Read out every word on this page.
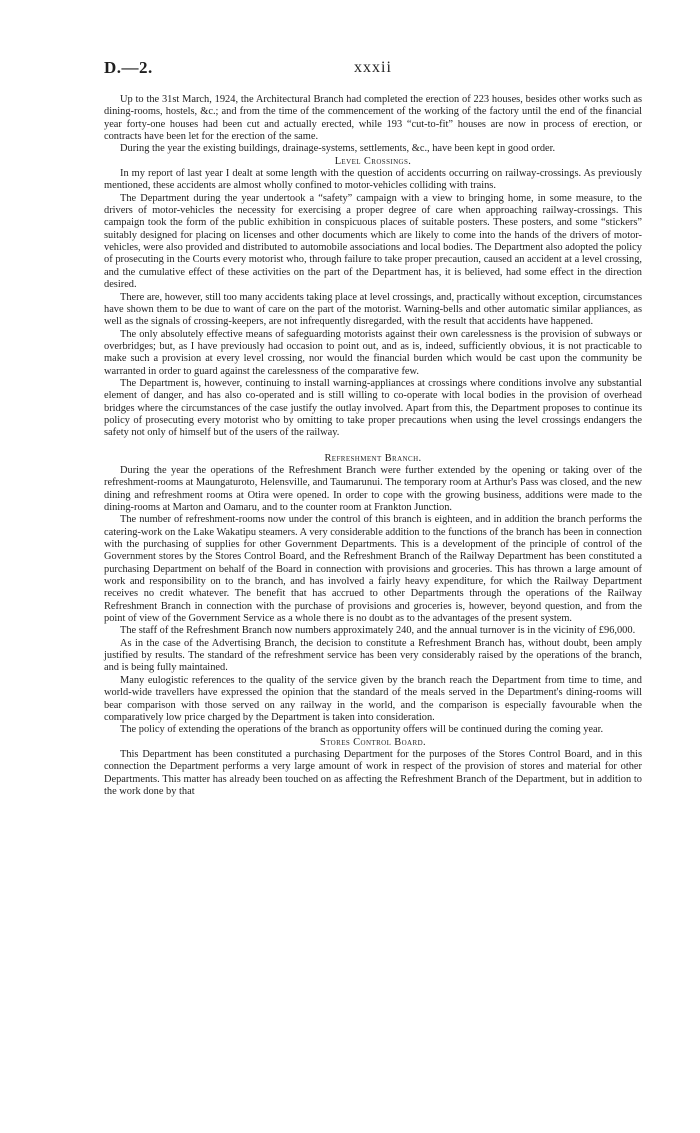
D.—2.	xxxii

Up to the 31st March, 1924, the Architectural Branch had completed the erection of 223 houses, besides other works such as dining-rooms, hostels, &c.; and from the time of the commencement of the working of the factory until the end of the financial year forty-one houses had been cut and actually erected, while 193 “cut-to-fit” houses are now in process of erection, or contracts have been let for the erection of the same.

During the year the existing buildings, drainage-systems, settlements, &c., have been kept in good order.

Level Crossings.

In my report of last year I dealt at some length with the question of accidents occurring on railway-crossings. As previously mentioned, these accidents are almost wholly confined to motor-vehicles colliding with trains.

The Department during the year undertook a “safety” campaign with a view to bringing home, in some measure, to the drivers of motor-vehicles the necessity for exercising a proper degree of care when approaching railway-crossings. This campaign took the form of the public exhibition in conspicuous places of suitable posters. These posters, and some “stickers” suitably designed for placing on licenses and other documents which are likely to come into the hands of the drivers of motor-vehicles, were also provided and distributed to automobile associations and local bodies. The Department also adopted the policy of prosecuting in the Courts every motorist who, through failure to take proper precaution, caused an accident at a level crossing, and the cumulative effect of these activities on the part of the Department has, it is believed, had some effect in the direction desired.

There are, however, still too many accidents taking place at level crossings, and, practically without exception, circumstances have shown them to be due to want of care on the part of the motorist. Warning-bells and other automatic similar appliances, as well as the signals of crossing-keepers, are not infrequently disregarded, with the result that accidents have happened.

The only absolutely effective means of safeguarding motorists against their own carelessness is the provision of subways or overbridges; but, as I have previously had occasion to point out, and as is, indeed, sufficiently obvious, it is not practicable to make such a provision at every level crossing, nor would the financial burden which would be cast upon the community be warranted in order to guard against the carelessness of the comparative few.

The Department is, however, continuing to install warning-appliances at crossings where conditions involve any substantial element of danger, and has also co-operated and is still willing to co-operate with local bodies in the provision of overhead bridges where the circumstances of the case justify the outlay involved. Apart from this, the Department proposes to continue its policy of prosecuting every motorist who by omitting to take proper precautions when using the level crossings endangers the safety not only of himself but of the users of the railway.

Refreshment Branch.

During the year the operations of the Refreshment Branch were further extended by the opening or taking over of the refreshment-rooms at Maungaturoto, Helensville, and Taumarunui. The temporary room at Arthur's Pass was closed, and the new dining and refreshment rooms at Otira were opened. In order to cope with the growing business, additions were made to the dining-rooms at Marton and Oamaru, and to the counter room at Frankton Junction.

The number of refreshment-rooms now under the control of this branch is eighteen, and in addition the branch performs the catering-work on the Lake Wakatipu steamers. A very considerable addition to the functions of the branch has been in connection with the purchasing of supplies for other Government Departments. This is a development of the principle of control of the Government stores by the Stores Control Board, and the Refreshment Branch of the Railway Department has been constituted a purchasing Department on behalf of the Board in connection with provisions and groceries. This has thrown a large amount of work and responsibility on to the branch, and has involved a fairly heavy expenditure, for which the Railway Department receives no credit whatever. The benefit that has accrued to other Departments through the operations of the Railway Refreshment Branch in connection with the purchase of provisions and groceries is, however, beyond question, and from the point of view of the Government Service as a whole there is no doubt as to the advantages of the present system.

The staff of the Refreshment Branch now numbers approximately 240, and the annual turnover is in the vicinity of £96,000.

As in the case of the Advertising Branch, the decision to constitute a Refreshment Branch has, without doubt, been amply justified by results. The standard of the refreshment service has been very considerably raised by the operations of the branch, and is being fully maintained.

Many eulogistic references to the quality of the service given by the branch reach the Department from time to time, and world-wide travellers have expressed the opinion that the standard of the meals served in the Department's dining-rooms will bear comparison with those served on any railway in the world, and the comparison is especially favourable when the comparatively low price charged by the Department is taken into consideration.

The policy of extending the operations of the branch as opportunity offers will be continued during the coming year.

Stores Control Board.

This Department has been constituted a purchasing Department for the purposes of the Stores Control Board, and in this connection the Department performs a very large amount of work in respect of the provision of stores and material for other Departments. This matter has already been touched on as affecting the Refreshment Branch of the Department, but in addition to the work done by that
